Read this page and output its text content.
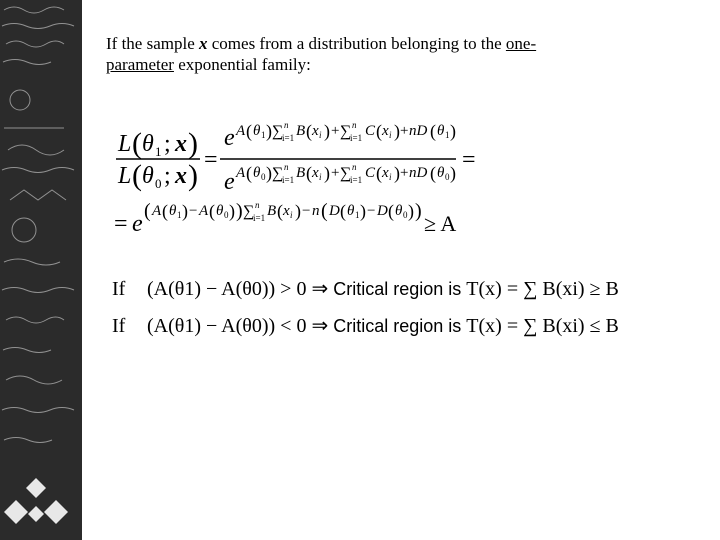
If the sample x comes from a distribution belonging to the one-
parameter exponential family:
L ( θ 1 ; x )
L ( θ 0 ; x ) =
e A ( θ 1 ) ∑ n
i=1 B ( x i ) + ∑ n
i=1 C ( x i ) + nD ( θ 1 )
e A ( θ 0 ) ∑ n
i=1 B ( x i ) + ∑ n
i=1 C ( x i ) + nD ( θ 0 ) =
= e ( A ( θ 1 ) − A ( θ 0 ) ) ∑ n
i=1 B ( x i ) − n ( D ( θ 1 ) − D ( θ 0 ) ) ≥ A
If (A(θ1) − A(θ0)) > 0 ⇒ Critical region is T(x) = ∑ B(xi) ≥ B
If (A(θ1) − A(θ0)) < 0 ⇒ Critical region is T(x) = ∑ B(xi) ≤ B
